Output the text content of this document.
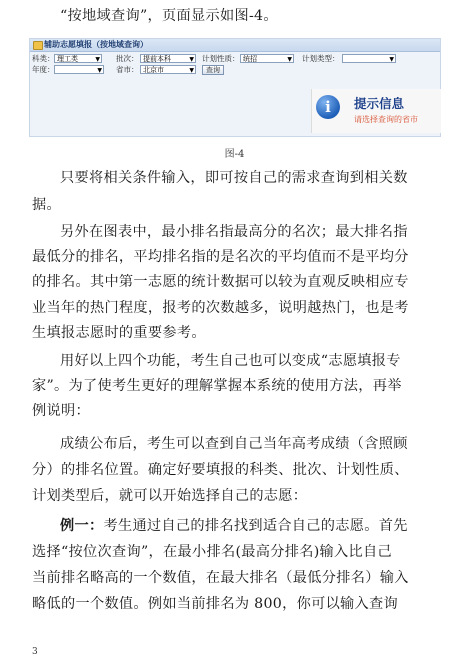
“按地域查询”，页面显示如图-4。
辅助志愿填报（按地域查询）
科类： 理工类	▼ 批次： 提前本科	▼ 计划性质： 统招	▼ 计划类型：	▼
年度：	▼ 省市： 北京市	▼	查询
i	提示信息
请选择查询的省市
图-4
只要将相关条件输入，即可按自己的需求查询到相关数
据。
另外在图表中，最小排名指最高分的名次；最大排名指
最低分的排名，平均排名指的是名次的平均值而不是平均分
的排名。其中第一志愿的统计数据可以较为直观反映相应专
业当年的热门程度，报考的次数越多，说明越热门，也是考
生填报志愿时的重要参考。
用好以上四个功能，考生自己也可以变成“志愿填报专
家”。为了使考生更好的理解掌握本系统的使用方法，再举
例说明：
成绩公布后，考生可以查到自己当年高考成绩（含照顾
分）的排名位置。确定好要填报的科类、批次、计划性质、
计划类型后，就可以开始选择自己的志愿：
例一：考生通过自己的排名找到适合自己的志愿。首先
选择“按位次查询”，在最小排名(最高分排名)输入比自己
当前排名略高的一个数值，在最大排名（最低分排名）输入
略低的一个数值。例如当前排名为 800，你可以输入查询
3
